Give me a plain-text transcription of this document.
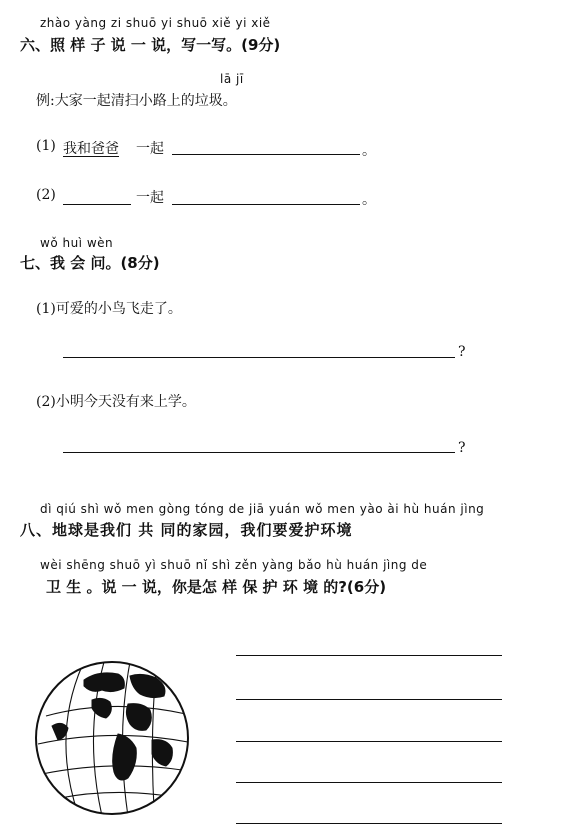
zhào yàng zi shuō yi shuō xiě yi xiě
六、照 样 子 说 一 说，写一写。(9分)
lā jī
例:大家一起清扫小路上的垃圾。
(1) 我和爸爸 一起	。
(2)	一起	。
wǒ huì wèn
七、我 会 问。(8分)
(1)可爱的小鸟飞走了。
?
(2)小明今天没有来上学。
?
dì qiú shì wǒ men gòng tóng de jiā yuán wǒ men yào ài hù huán jìng
八、地球是我们 共 同的家园，我们要爱护环境
wèi shēng shuō yì shuō nǐ shì zěn yàng bǎo hù huán jìng de
卫 生 。说 一 说，你是怎 样 保 护 环 境 的?(6分)
